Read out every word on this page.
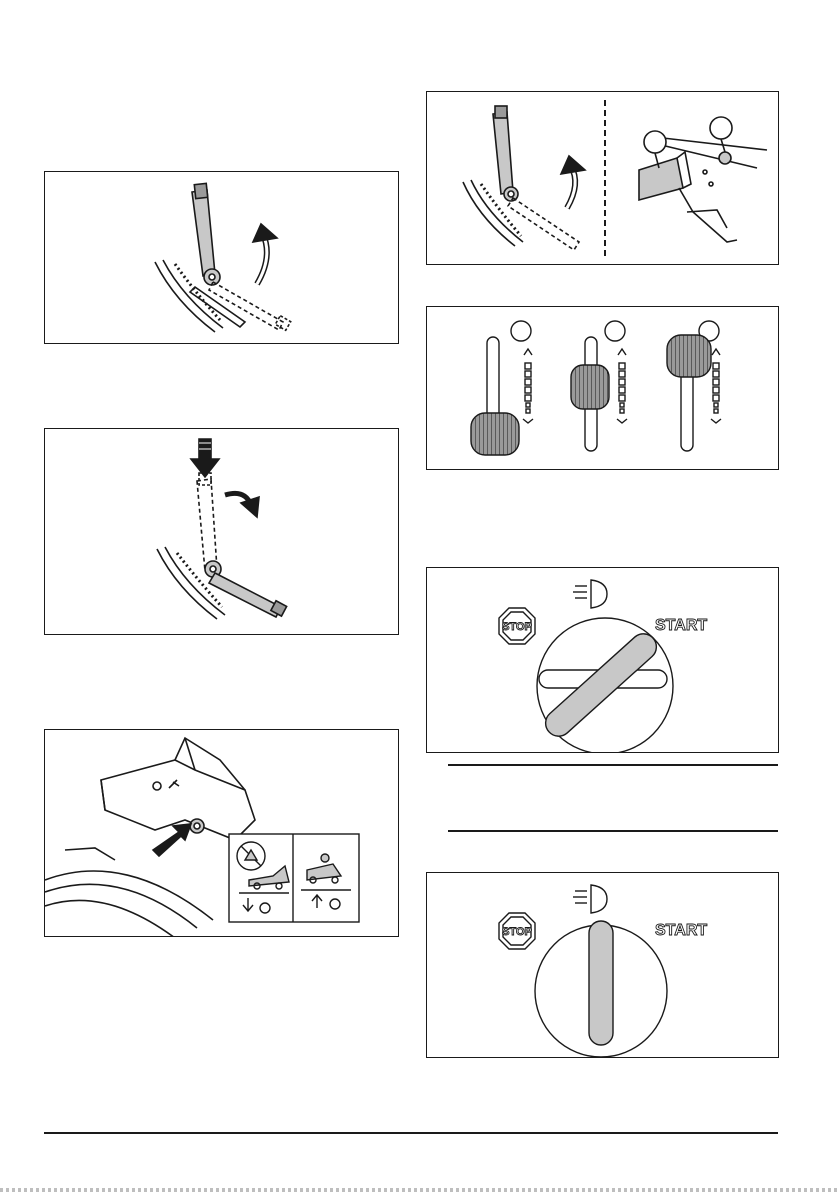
STOP	START
STOP	START
